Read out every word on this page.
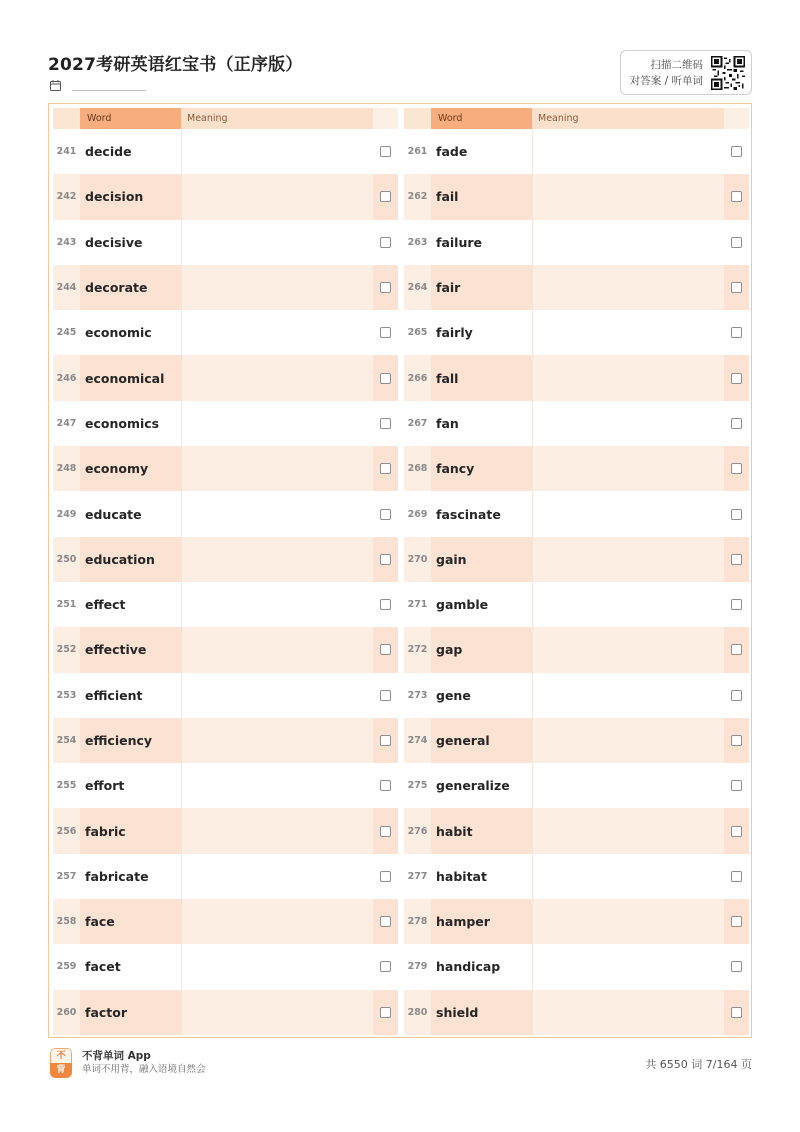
2027考研英语红宝书（正序版）	扫描二维码
对答案 / 听单词
Word	Meaning
241 decide
242 decision
243 decisive
244 decorate
245 economic
246 economical
247 economics
248 economy
249 educate
250 education
251 effect
252 effective
253 efficient
254 efficiency
255 effort
256 fabric
257 fabricate
258 face
259 facet
260 factor
Word	Meaning
261 fade
262 fail
263 failure
264 fair
265 fairly
266 fall
267 fan
268 fancy
269 fascinate
270 gain
271 gamble
272 gap
273 gene
274 general
275 generalize
276 habit
277 habitat
278 hamper
279 handicap
280 shield
不
背
不背单词 App
单词不用背，融入语境自然会	共 6550 词 7/164 页
